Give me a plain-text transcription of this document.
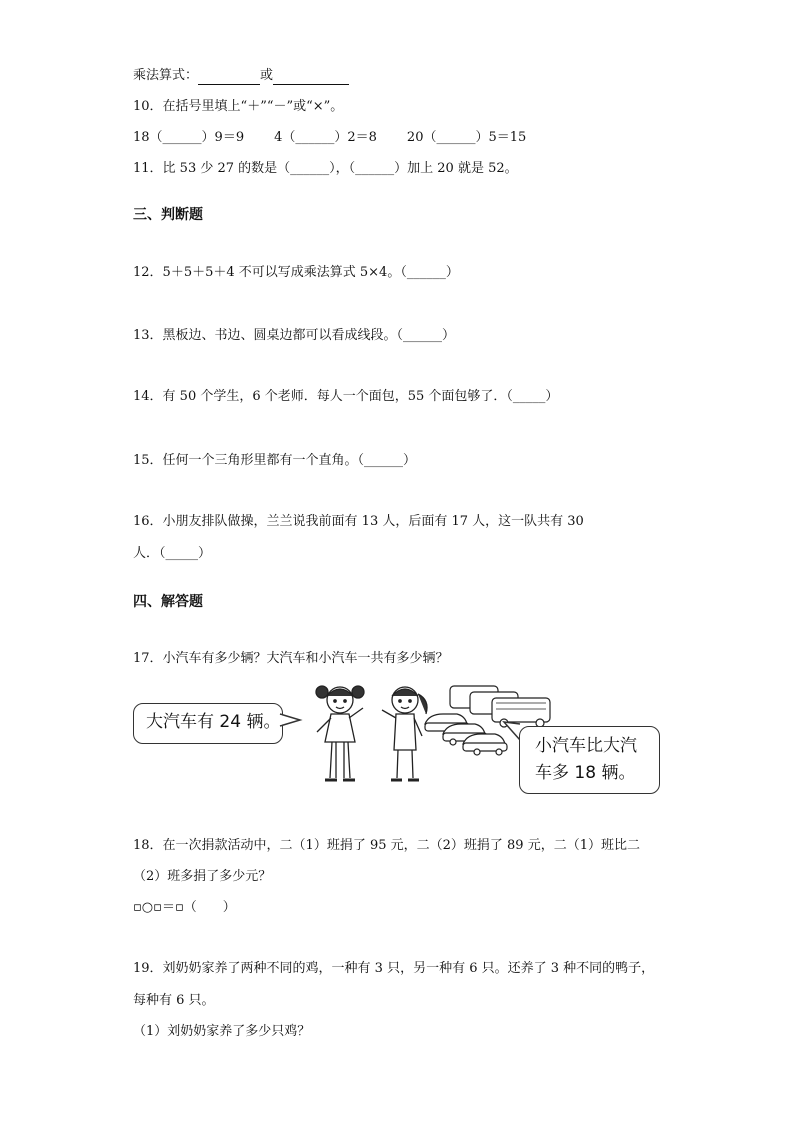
乘法算式：	或
10．在括号里填上“＋”“－”或“×”。
18（______）9＝9 4（______）2＝8 20（______）5＝15
11．比 53 少 27 的数是（______），（______）加上 20 就是 52。
三、判断题
12．5＋5＋5＋4 不可以写成乘法算式 5×4。（______）
13．黑板边、书边、圆桌边都可以看成线段。（______）
14．有 50 个学生，6 个老师．每人一个面包，55 个面包够了．（_____）
15．任何一个三角形里都有一个直角。（______）
16．小朋友排队做操，兰兰说我前面有 13 人，后面有 17 人，这一队共有 30
人．（_____）
四、解答题
17．小汽车有多少辆？大汽车和小汽车一共有多少辆？
大汽车有 24 辆。
小汽车比大汽
车多 18 辆。
18．在一次捐款活动中，二（1）班捐了 95 元，二（2）班捐了 89 元，二（1）班比二
（2）班多捐了多少元？
▫○▫＝▫（　　）
19．刘奶奶家养了两种不同的鸡，一种有 3 只，另一种有 6 只。还养了 3 种不同的鸭子，
每种有 6 只。
（1）刘奶奶家养了多少只鸡？
